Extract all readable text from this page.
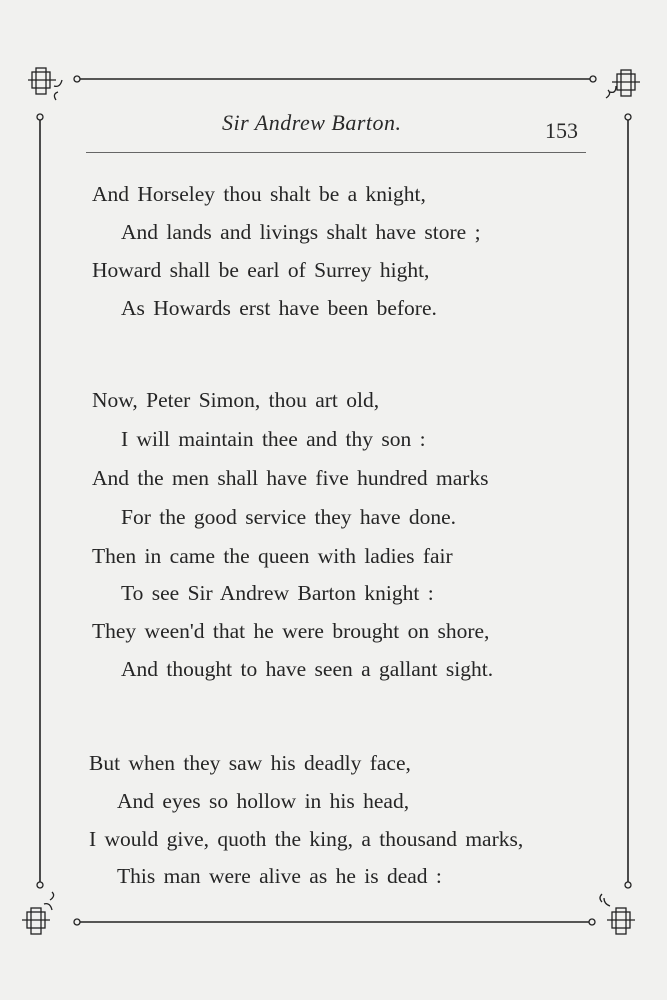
Sir Andrew Barton.	153
And Horseley thou shalt be a knight,
And lands and livings shalt have store ;
Howard shall be earl of Surrey hight,
As Howards erst have been before.
Now, Peter Simon, thou art old,
I will maintain thee and thy son :
And the men shall have five hundred marks
For the good service they have done.
Then in came the queen with ladies fair
To see Sir Andrew Barton knight :
They ween'd that he were brought on shore,
And thought to have seen a gallant sight.
But when they saw his deadly face,
And eyes so hollow in his head,
I would give, quoth the king, a thousand marks,
This man were alive as he is dead :
